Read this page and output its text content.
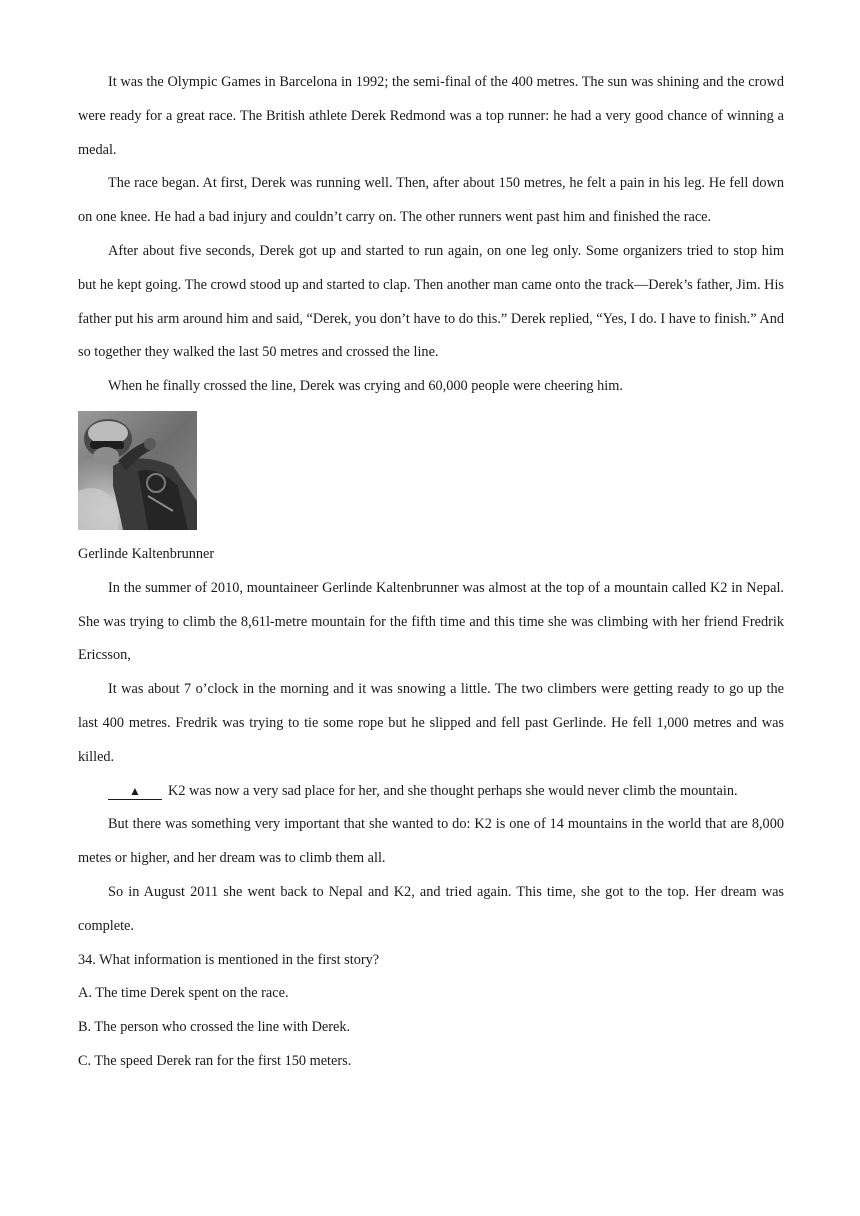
It was the Olympic Games in Barcelona in 1992; the semi-final of the 400 metres. The sun was shining and the crowd were ready for a great race. The British athlete Derek Redmond was a top runner: he had a very good chance of winning a medal.

The race began. At first, Derek was running well. Then, after about 150 metres, he felt a pain in his leg. He fell down on one knee. He had a bad injury and couldn’t carry on. The other runners went past him and finished the race.

After about five seconds, Derek got up and started to run again, on one leg only. Some organizers tried to stop him but he kept going. The crowd stood up and started to clap. Then another man came onto the track—Derek’s father, Jim. His father put his arm around him and said, “Derek, you don’t have to do this.” Derek replied, “Yes, I do. I have to finish.” And so together they walked the last 50 metres and crossed the line.

When he finally crossed the line, Derek was crying and 60,000 people were cheering him.

Gerlinde Kaltenbrunner

In the summer of 2010, mountaineer Gerlinde Kaltenbrunner was almost at the top of a mountain called K2 in Nepal. She was trying to climb the 8,61l-metre mountain for the fifth time and this time she was climbing with her friend Fredrik Ericsson,

It was about 7 o’clock in the morning and it was snowing a little. The two climbers were getting ready to go up the last 400 metres. Fredrik was trying to tie some rope but he slipped and fell past Gerlinde. He fell 1,000 metres and was killed.

▲ K2 was now a very sad place for her, and she thought perhaps she would never climb the mountain.

But there was something very important that she wanted to do: K2 is one of 14 mountains in the world that are 8,000 metes or higher, and her dream was to climb them all.

So in August 2011 she went back to Nepal and K2, and tried again. This time, she got to the top. Her dream was complete.

34. What information is mentioned in the first story?

A. The time Derek spent on the race.

B. The person who crossed the line with Derek.

C. The speed Derek ran for the first 150 meters.
